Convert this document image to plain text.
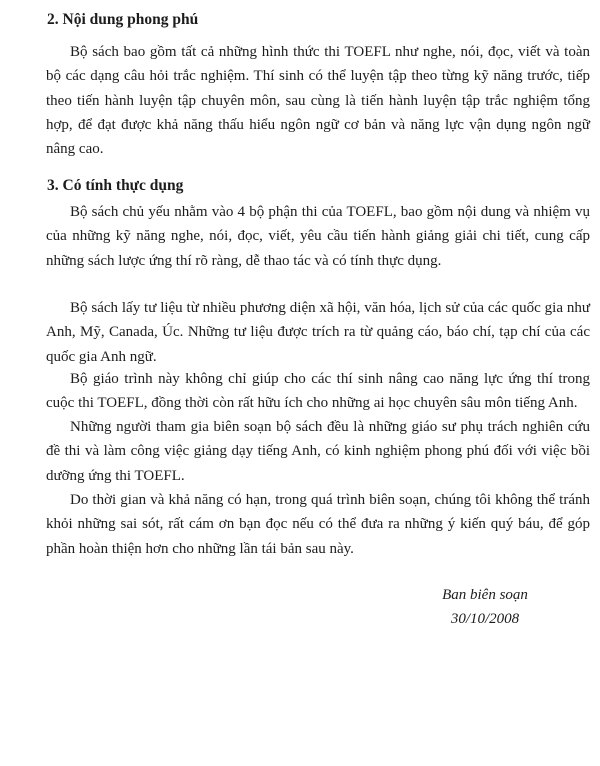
2. Nội dung phong phú

Bộ sách bao gồm tất cả những hình thức thi TOEFL như nghe, nói, đọc, viết và toàn bộ các dạng câu hỏi trắc nghiệm. Thí sinh có thể luyện tập theo từng kỹ năng trước, tiếp theo tiến hành luyện tập chuyên môn, sau cùng là tiến hành luyện tập trắc nghiệm tổng hợp, để đạt được khả năng thấu hiểu ngôn ngữ cơ bản và năng lực vận dụng ngôn ngữ nâng cao.

3. Có tính thực dụng

Bộ sách chủ yếu nhằm vào 4 bộ phận thi của TOEFL, bao gồm nội dung và nhiệm vụ của những kỹ năng nghe, nói, đọc, viết, yêu cầu tiến hành giảng giải chi tiết, cung cấp những sách lược ứng thí rõ ràng, dễ thao tác và có tính thực dụng.

Bộ sách lấy tư liệu từ nhiều phương diện xã hội, văn hóa, lịch sử của các quốc gia như Anh, Mỹ, Canada, Úc. Những tư liệu được trích ra từ quảng cáo, báo chí, tạp chí của các quốc gia Anh ngữ.

Bộ giáo trình này không chỉ giúp cho các thí sinh nâng cao năng lực ứng thí trong cuộc thi TOEFL, đồng thời còn rất hữu ích cho những ai học chuyên sâu môn tiếng Anh.

Những người tham gia biên soạn bộ sách đều là những giáo sư phụ trách nghiên cứu đề thi và làm công việc giảng dạy tiếng Anh, có kinh nghiệm phong phú đối với việc bồi dưỡng ứng thi TOEFL.

Do thời gian và khả năng có hạn, trong quá trình biên soạn, chúng tôi không thể tránh khỏi những sai sót, rất cám ơn bạn đọc nếu có thể đưa ra những ý kiến quý báu, để góp phần hoàn thiện hơn cho những lần tái bản sau này.

Ban biên soạn
30/10/2008
